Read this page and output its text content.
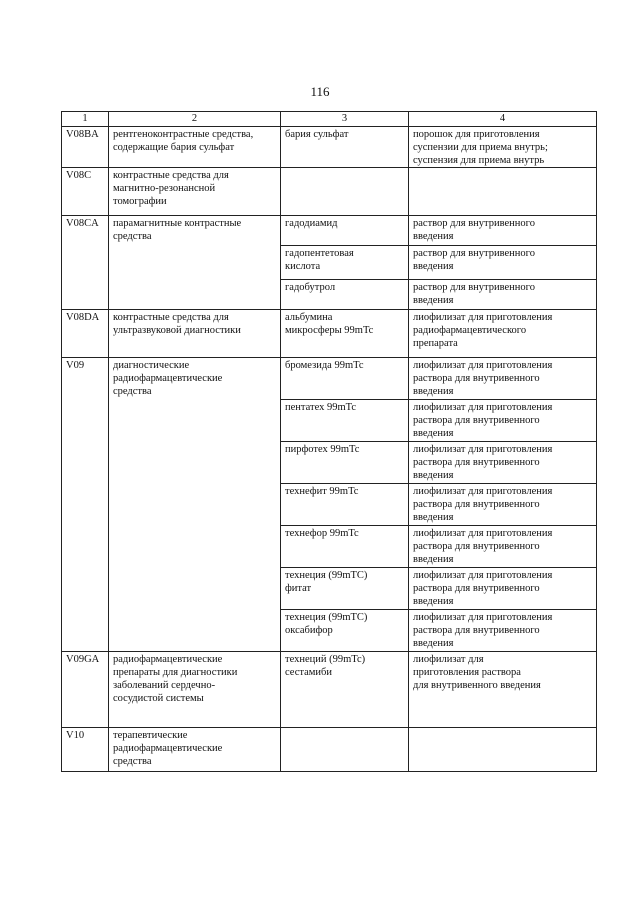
116
1	2	3	4
V08BA	рентгеноконтрастные средства,
содержащие бария сульфат	бария сульфат	порошок для приготовления
суспензии для приема внутрь;
суспензия для приема внутрь
V08C	контрастные средства для
магнитно-резонансной
томографии		
V08CA	парамагнитные контрастные
средства	гадодиамид	раствор для внутривенного
введения
		гадопентетовая
кислота	раствор для внутривенного
введения
		гадобутрол	раствор для внутривенного
введения
V08DA	контрастные средства для
ультразвуковой диагностики	альбумина
микросферы 99mTc	лиофилизат для приготовления
радиофармацевтического
препарата
V09	диагностические
радиофармацевтические
средства	бромезида 99mTc	лиофилизат для приготовления
раствора для внутривенного
введения
		пентатех 99mTc	лиофилизат для приготовления
раствора для внутривенного
введения
		пирфотех 99mTc	лиофилизат для приготовления
раствора для внутривенного
введения
		технефит 99mTc	лиофилизат для приготовления
раствора для внутривенного
введения
		технефор 99mTc	лиофилизат для приготовления
раствора для внутривенного
введения
		технеция (99mTC)
фитат	лиофилизат для приготовления
раствора для внутривенного
введения
		технеция (99mTC)
оксабифор	лиофилизат для приготовления
раствора для внутривенного
введения
V09GA	радиофармацевтические
препараты для диагностики
заболеваний сердечно-
сосудистой системы	технеций (99mTc)
сестамиби	лиофилизат для
приготовления раствора
для внутривенного введения
V10	терапевтические
радиофармацевтические
средства		
